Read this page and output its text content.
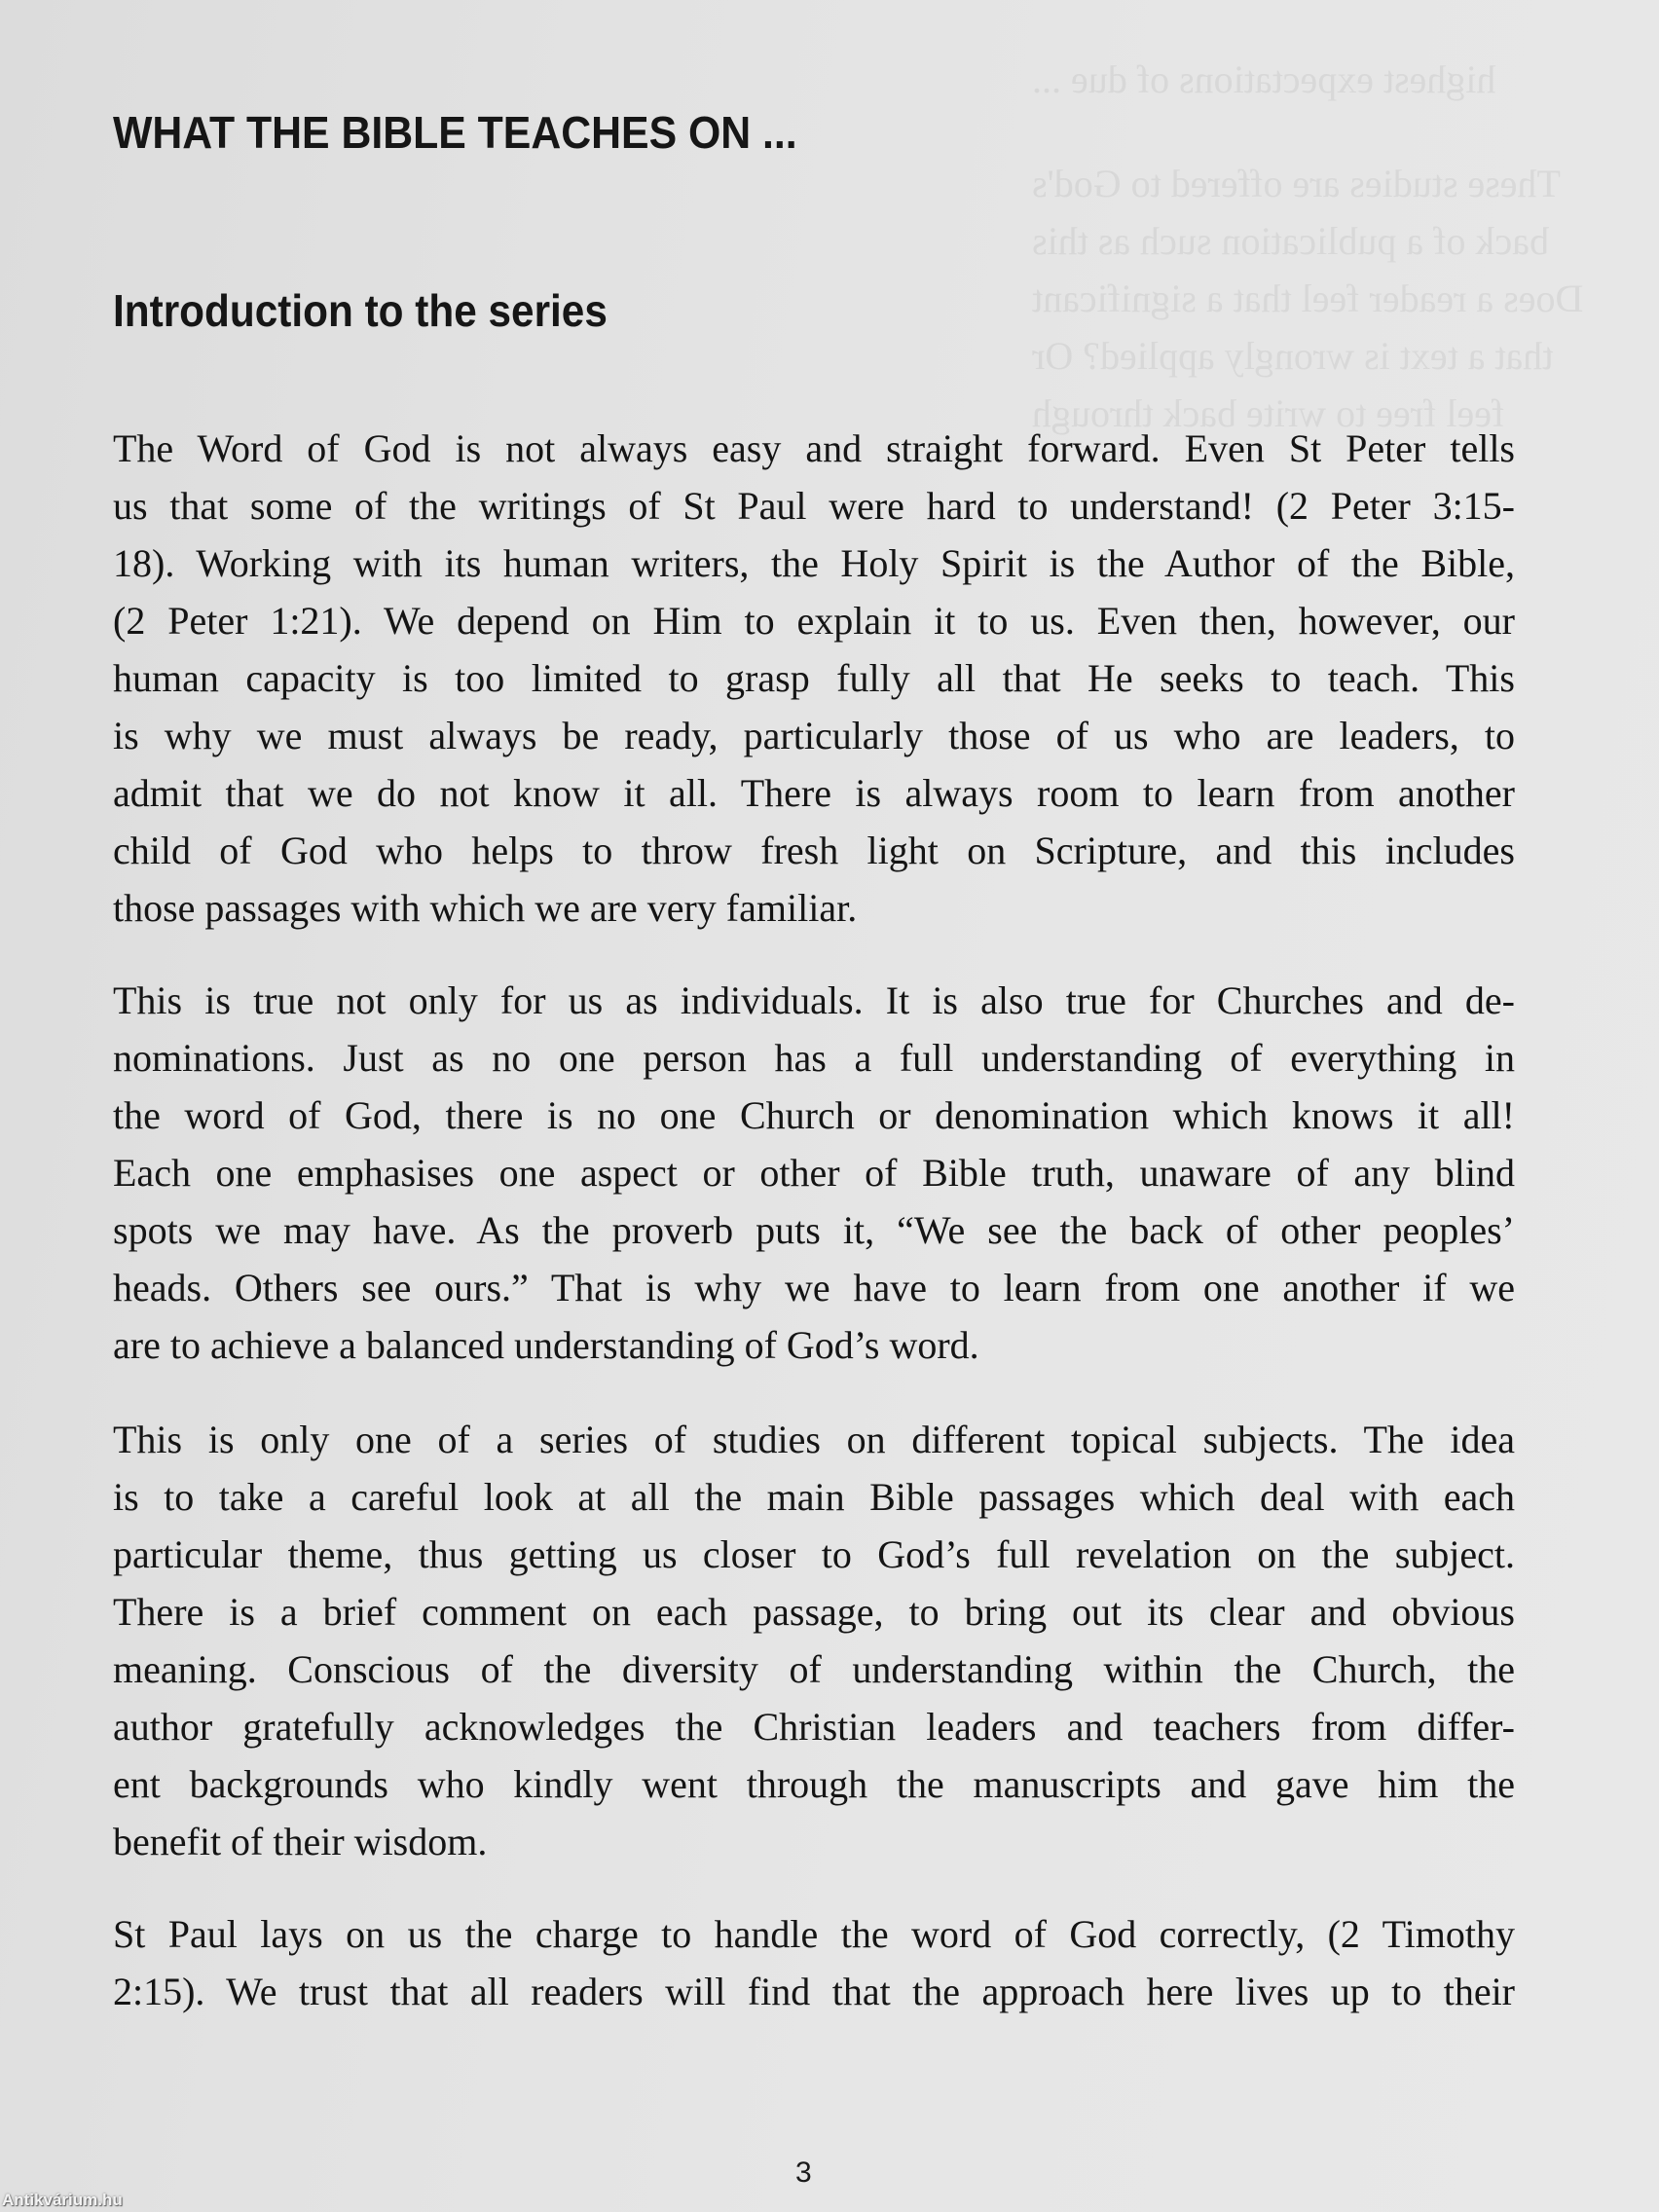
highest expectations of due ...
These studies are offered to God's
back of a publication such as this
Does a reader feel that a significant
that a text is wrongly applied? Or
feel free to write back through
WHAT THE BIBLE TEACHES ON ...
Introduction to the series
The Word of God is not always easy and straight forward. Even St Peter tells
us that some of the writings of St Paul were hard to understand! (2 Peter 3:15-
18). Working with its human writers, the Holy Spirit is the Author of the Bible,
(2 Peter 1:21). We depend on Him to explain it to us. Even then, however, our
human capacity is too limited to grasp fully all that He seeks to teach. This
is why we must always be ready, particularly those of us who are leaders, to
admit that we do not know it all. There is always room to learn from another
child of God who helps to throw fresh light on Scripture, and this includes
those passages with which we are very familiar.
This is true not only for us as individuals. It is also true for Churches and de-
nominations. Just as no one person has a full understanding of everything in
the word of God, there is no one Church or denomination which knows it all!
Each one emphasises one aspect or other of Bible truth, unaware of any blind
spots we may have. As the proverb puts it, “We see the back of other peoples’
heads. Others see ours.” That is why we have to learn from one another if we
are to achieve a balanced understanding of God’s word.
This is only one of a series of studies on different topical subjects. The idea
is to take a careful look at all the main Bible passages which deal with each
particular theme, thus getting us closer to God’s full revelation on the subject.
There is a brief comment on each passage, to bring out its clear and obvious
meaning. Conscious of the diversity of understanding within the Church, the
author gratefully acknowledges the Christian leaders and teachers from differ-
ent backgrounds who kindly went through the manuscripts and gave him the
benefit of their wisdom.
St Paul lays on us the charge to handle the word of God correctly, (2 Timothy
2:15). We trust that all readers will find that the approach here lives up to their
3
Antikvárium.hu
